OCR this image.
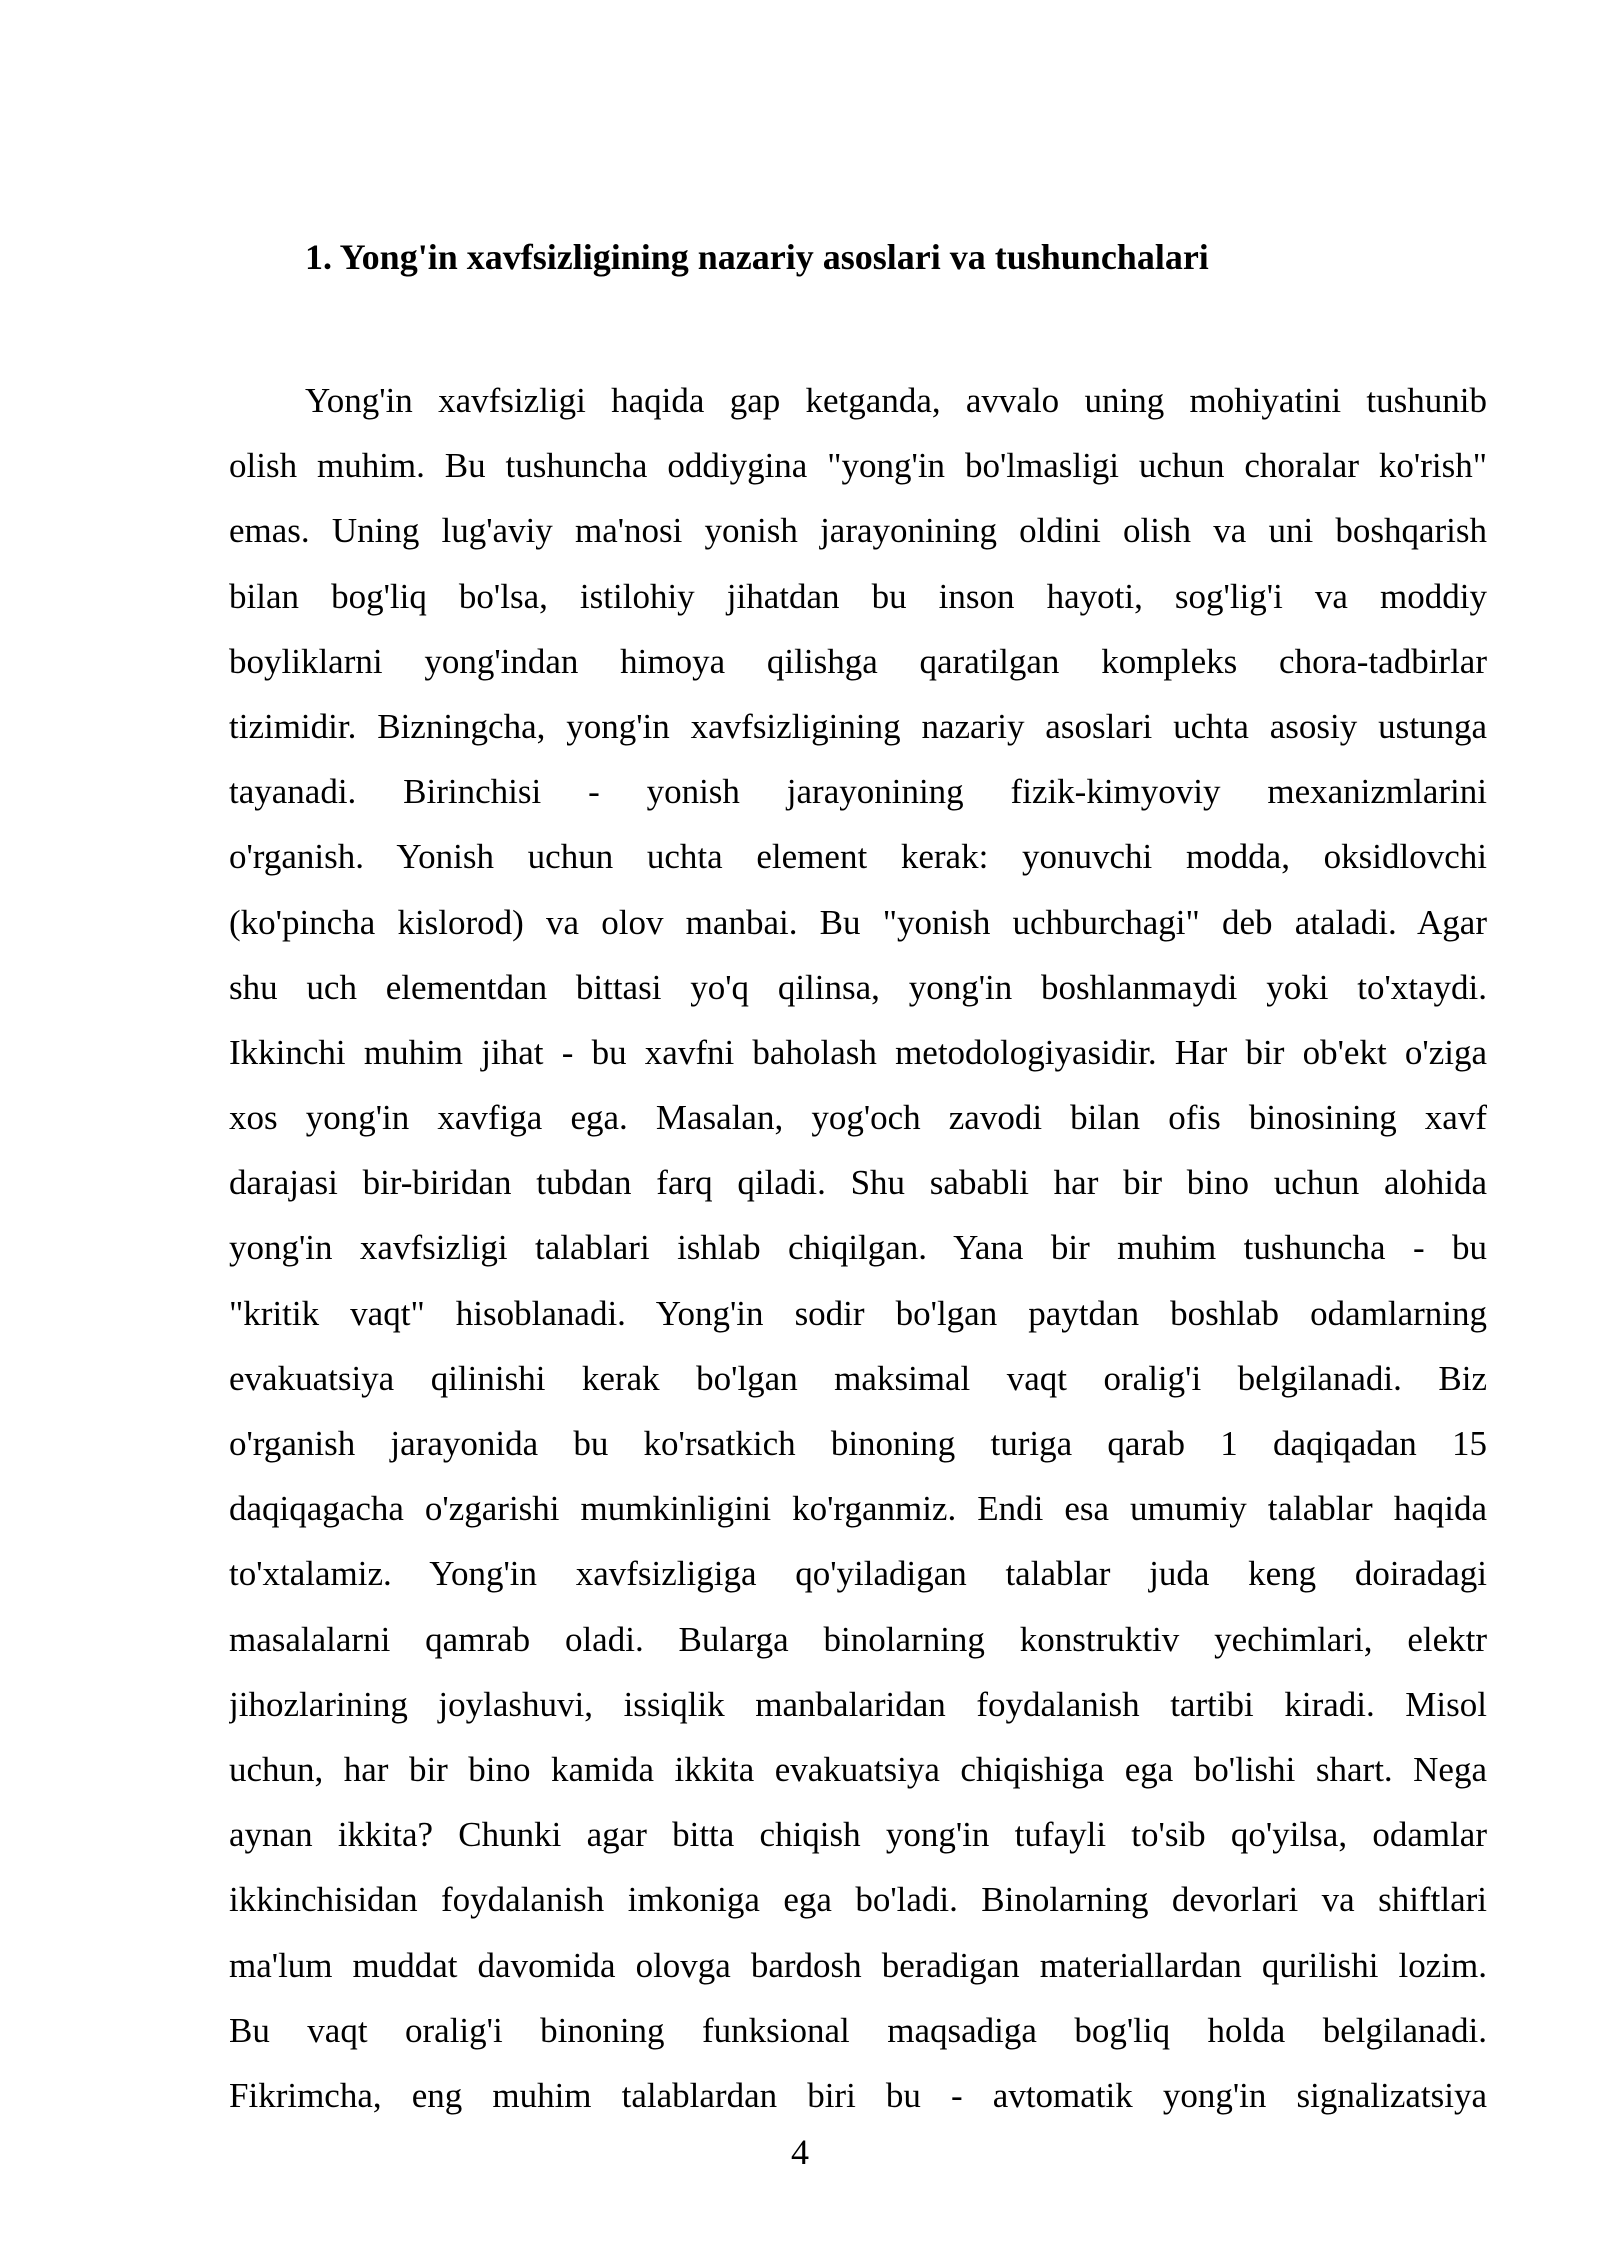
1. Yong'in xavfsizligining nazariy asoslari va tushunchalari
Yong'in xavfsizligi haqida gap ketganda, avvalo uning mohiyatini tushunib
olish muhim. Bu tushuncha oddiygina "yong'in bo'lmasligi uchun choralar ko'rish"
emas. Uning lug'aviy ma'nosi yonish jarayonining oldini olish va uni boshqarish
bilan bog'liq bo'lsa, istilohiy jihatdan bu inson hayoti, sog'lig'i va moddiy
boyliklarni yong'indan himoya qilishga qaratilgan kompleks chora-tadbirlar
tizimidir. Bizningcha, yong'in xavfsizligining nazariy asoslari uchta asosiy ustunga
tayanadi. Birinchisi - yonish jarayonining fizik-kimyoviy mexanizmlarini
o'rganish. Yonish uchun uchta element kerak: yonuvchi modda, oksidlovchi
(ko'pincha kislorod) va olov manbai. Bu "yonish uchburchagi" deb ataladi. Agar
shu uch elementdan bittasi yo'q qilinsa, yong'in boshlanmaydi yoki to'xtaydi.
Ikkinchi muhim jihat - bu xavfni baholash metodologiyasidir. Har bir ob'ekt o'ziga
xos yong'in xavfiga ega. Masalan, yog'och zavodi bilan ofis binosining xavf
darajasi bir-biridan tubdan farq qiladi. Shu sababli har bir bino uchun alohida
yong'in xavfsizligi talablari ishlab chiqilgan. Yana bir muhim tushuncha - bu
"kritik vaqt" hisoblanadi. Yong'in sodir bo'lgan paytdan boshlab odamlarning
evakuatsiya qilinishi kerak bo'lgan maksimal vaqt oralig'i belgilanadi. Biz
o'rganish jarayonida bu ko'rsatkich binoning turiga qarab 1 daqiqadan 15
daqiqagacha o'zgarishi mumkinligini ko'rganmiz. Endi esa umumiy talablar haqida
to'xtalamiz. Yong'in xavfsizligiga qo'yiladigan talablar juda keng doiradagi
masalalarni qamrab oladi. Bularga binolarning konstruktiv yechimlari, elektr
jihozlarining joylashuvi, issiqlik manbalaridan foydalanish tartibi kiradi. Misol
uchun, har bir bino kamida ikkita evakuatsiya chiqishiga ega bo'lishi shart. Nega
aynan ikkita? Chunki agar bitta chiqish yong'in tufayli to'sib qo'yilsa, odamlar
ikkinchisidan foydalanish imkoniga ega bo'ladi. Binolarning devorlari va shiftlari
ma'lum muddat davomida olovga bardosh beradigan materiallardan qurilishi lozim.
Bu vaqt oralig'i binoning funksional maqsadiga bog'liq holda belgilanadi.
Fikrimcha, eng muhim talablardan biri bu - avtomatik yong'in signalizatsiya

4
